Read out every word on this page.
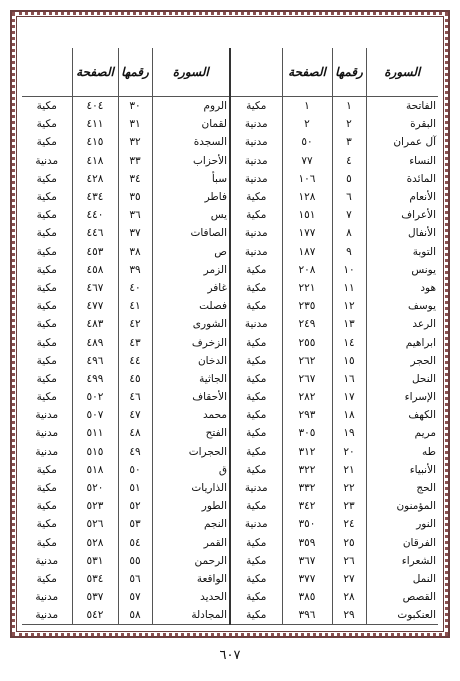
السورة	رقمها	الصفحة		السورة	رقمها	الصفحة	
الفاتحة	١	١	مكية	الروم	٣٠	٤٠٤	مكية
البقرة	٢	٢	مدنية	لقمان	٣١	٤١١	مكية
آل عمران	٣	٥٠	مدنية	السجدة	٣٢	٤١٥	مكية
النساء	٤	٧٧	مدنية	الأحزاب	٣٣	٤١٨	مدنية
المائدة	٥	١٠٦	مدنية	سبأ	٣٤	٤٢٨	مكية
الأنعام	٦	١٢٨	مكية	فاطر	٣٥	٤٣٤	مكية
الأعراف	٧	١٥١	مكية	يس	٣٦	٤٤٠	مكية
الأنفال	٨	١٧٧	مدنية	الصافات	٣٧	٤٤٦	مكية
التوبة	٩	١٨٧	مدنية	ص	٣٨	٤٥٣	مكية
يونس	١٠	٢٠٨	مكية	الزمر	٣٩	٤٥٨	مكية
هود	١١	٢٢١	مكية	غافر	٤٠	٤٦٧	مكية
يوسف	١٢	٢٣٥	مكية	فصلت	٤١	٤٧٧	مكية
الرعد	١٣	٢٤٩	مدنية	الشورى	٤٢	٤٨٣	مكية
ابراهيم	١٤	٢٥٥	مكية	الزخرف	٤٣	٤٨٩	مكية
الحجر	١٥	٢٦٢	مكية	الدخان	٤٤	٤٩٦	مكية
النحل	١٦	٢٦٧	مكية	الجاثية	٤٥	٤٩٩	مكية
الإسراء	١٧	٢٨٢	مكية	الأحقاف	٤٦	٥٠٢	مكية
الكهف	١٨	٢٩٣	مكية	محمد	٤٧	٥٠٧	مدنية
مريم	١٩	٣٠٥	مكية	الفتح	٤٨	٥١١	مدنية
طه	٢٠	٣١٢	مكية	الحجرات	٤٩	٥١٥	مدنية
الأنبياء	٢١	٣٢٢	مكية	ق	٥٠	٥١٨	مكية
الحج	٢٢	٣٣٢	مدنية	الذاريات	٥١	٥٢٠	مكية
المؤمنون	٢٣	٣٤٢	مكية	الطور	٥٢	٥٢٣	مكية
النور	٢٤	٣٥٠	مدنية	النجم	٥٣	٥٢٦	مكية
الفرقان	٢٥	٣٥٩	مكية	القمر	٥٤	٥٢٨	مكية
الشعراء	٢٦	٣٦٧	مكية	الرحمن	٥٥	٥٣١	مدنية
النمل	٢٧	٣٧٧	مكية	الواقعة	٥٦	٥٣٤	مكية
القصص	٢٨	٣٨٥	مكية	الحديد	٥٧	٥٣٧	مدنية
العنكبوت	٢٩	٣٩٦	مكية	المجادلة	٥٨	٥٤٢	مدنية
٦٠٧
